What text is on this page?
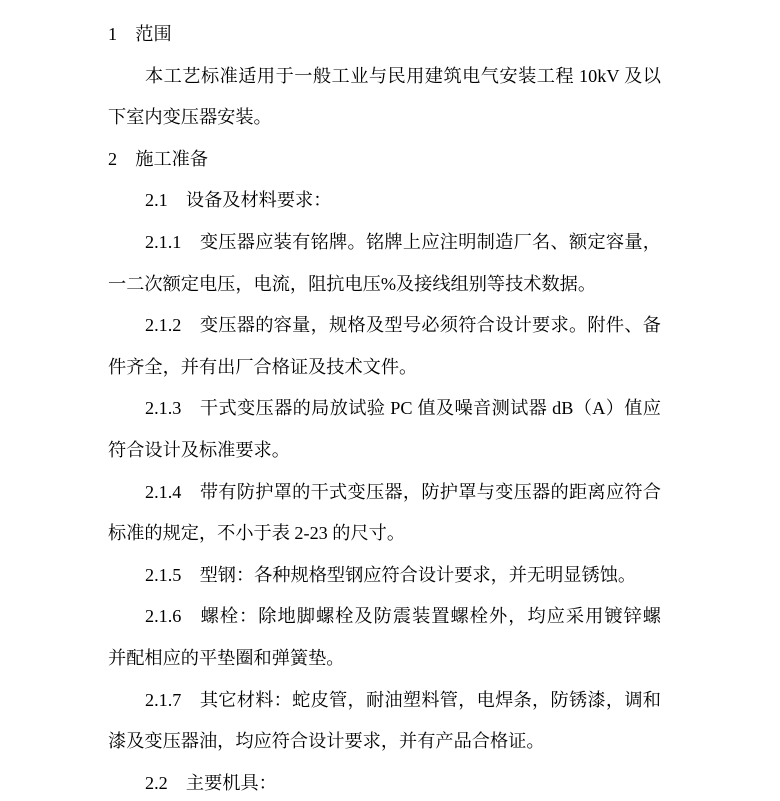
1 范围
本工艺标准适用于一般工业与民用建筑电气安装工程 10kV 及以
下室内变压器安装。
2 施工准备
2.1 设备及材料要求：
2.1.1 变压器应装有铭牌。铭牌上应注明制造厂名、额定容量，
一二次额定电压，电流，阻抗电压%及接线组别等技术数据。
2.1.2 变压器的容量，规格及型号必须符合设计要求。附件、备
件齐全，并有出厂合格证及技术文件。
2.1.3 干式变压器的局放试验 PC 值及噪音测试器 dB（A）值应
符合设计及标准要求。
2.1.4 带有防护罩的干式变压器，防护罩与变压器的距离应符合
标准的规定，不小于表 2-23 的尺寸。
2.1.5 型钢：各种规格型钢应符合设计要求，并无明显锈蚀。
2.1.6 螺栓：除地脚螺栓及防震装置螺栓外，均应采用镀锌螺
并配相应的平垫圈和弹簧垫。
2.1.7 其它材料：蛇皮管，耐油塑料管，电焊条，防锈漆，调和
漆及变压器油，均应符合设计要求，并有产品合格证。
2.2 主要机具：
